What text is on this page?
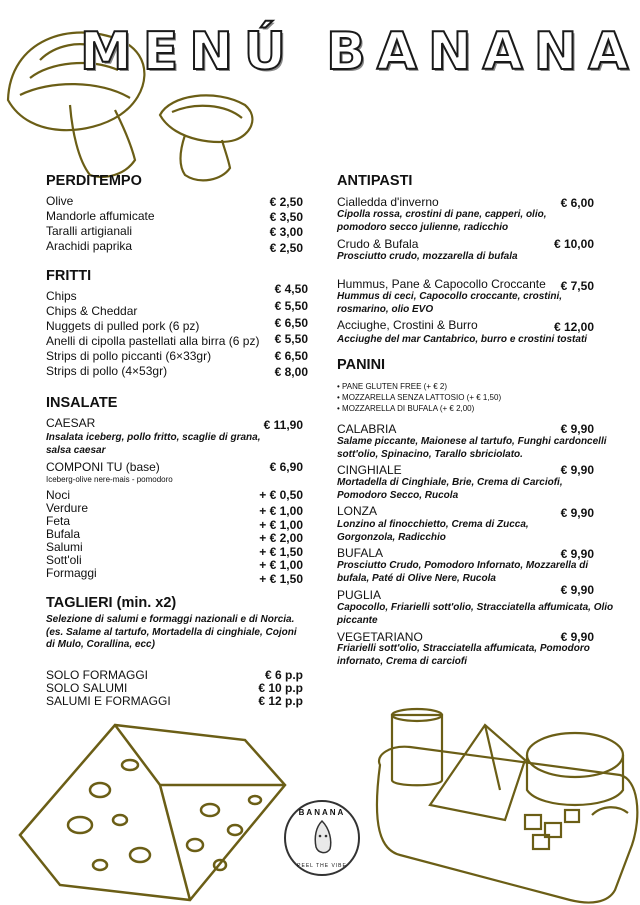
MENÚ BANANA
PERDITEMPO
Olive	€ 2,50
Mandorle affumicate	€ 3,50
Taralli artigianali	€ 3,00
Arachidi paprika	€ 2,50
FRITTI
Chips	€ 4,50
Chips & Cheddar	€ 5,50
Nuggets di pulled pork (6 pz)	€ 6,50
Anelli di cipolla pastellati alla birra (6 pz)	€ 5,50
Strips di pollo piccanti (6×33gr)	€ 6,50
Strips di pollo (4×53gr)	€ 8,00
INSALATE
CAESAR	€ 11,90
Insalata iceberg, pollo fritto, scaglie di grana, salsa caesar
COMPONI TU (base)	€ 6,90
Iceberg-olive nere-mais - pomodoro
Noci	+ € 0,50
Verdure	+ € 1,00
Feta	+ € 1,00
Bufala	+ € 2,00
Salumi	+ € 1,50
Sott'oli	+ € 1,00
Formaggi	+ € 1,50
TAGLIERI (min. x2)
Selezione di salumi e formaggi nazionali e di Norcia. (es. Salame al tartufo, Mortadella di cinghiale, Cojoni di Mulo, Corallina, ecc)
SOLO FORMAGGI	€ 6 p.p
SOLO SALUMI	€ 10 p.p
SALUMI E FORMAGGI	€ 12 p.p
ANTIPASTI
Cialledda d'inverno	€ 6,00
Cipolla rossa, crostini di pane, capperi, olio, pomodoro secco julienne, radicchio
Crudo & Bufala	€ 10,00
Prosciutto crudo, mozzarella di bufala
Hummus, Pane & Capocollo Croccante	€ 7,50
Hummus di ceci, Capocollo croccante, crostini, rosmarino, olio EVO
Acciughe, Crostini & Burro	€ 12,00
Acciughe del mar Cantabrico, burro e crostini tostati
PANINI
• PANE GLUTEN FREE (+ € 2)
• MOZZARELLA SENZA LATTOSIO (+ € 1,50)
• MOZZARELLA DI BUFALA (+ € 2,00)
CALABRIA	€ 9,90
Salame piccante, Maionese al tartufo, Funghi cardoncelli sott'olio, Spinacino, Tarallo sbriciolato.
CINGHIALE	€ 9,90
Mortadella di Cinghiale, Brie, Crema di Carciofi, Pomodoro Secco, Rucola
LONZA	€ 9,90
Lonzino al finocchietto, Crema di Zucca, Gorgonzola, Radicchio
BUFALA	€ 9,90
Prosciutto Crudo, Pomodoro Infornato, Mozzarella di bufala, Paté di Olive Nere, Rucola
PUGLIA	€ 9,90
Capocollo, Friarielli sott'olio, Stracciatella affumicata, Olio piccante
VEGETARIANO	€ 9,90
Friarielli sott'olio, Stracciatella affumicata, Pomodoro infornato, Crema di carciofi
BANANA
PEEL THE VIBE
